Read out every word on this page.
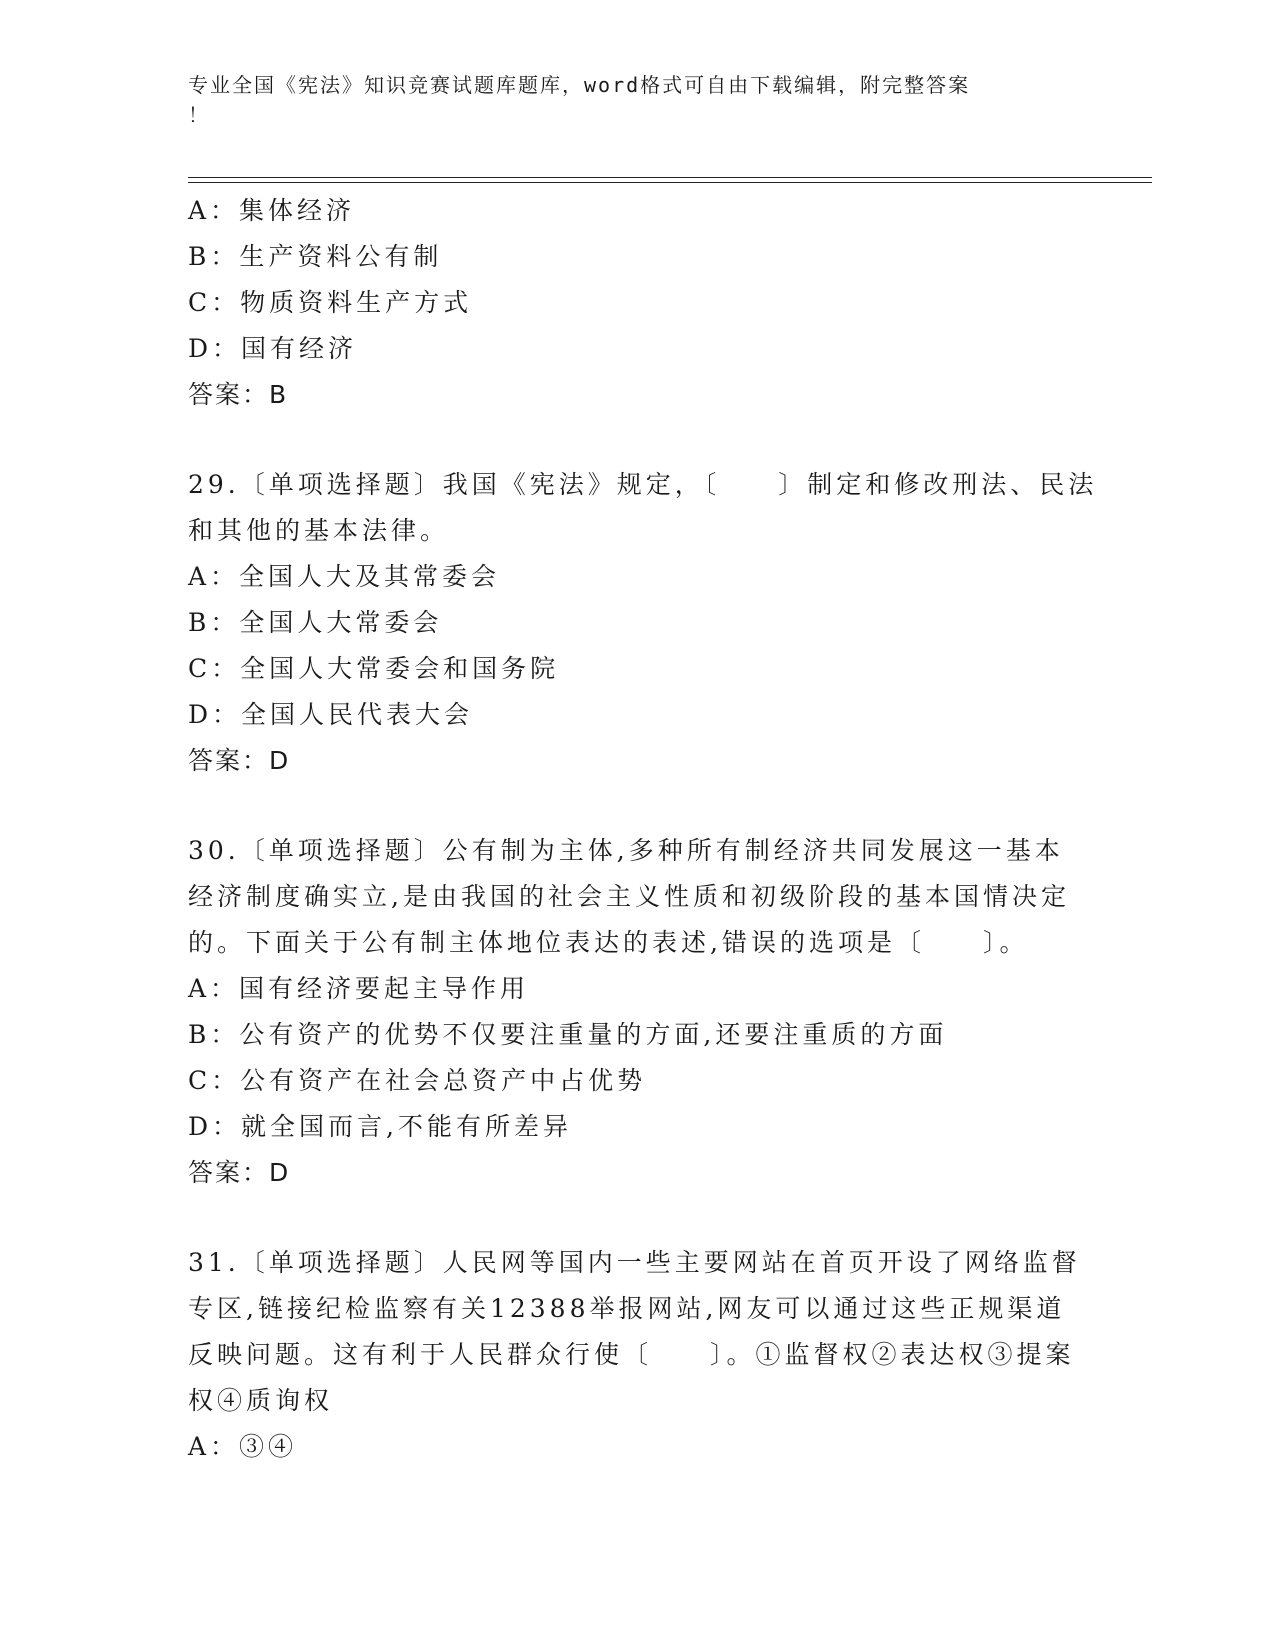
专业全国《宪法》知识竞赛试题库题库，word格式可自由下载编辑，附完整答案
！
A：集体经济
B：生产资料公有制
C：物质资料生产方式
D：国有经济
答案：B
29.〔单项选择题〕我国《宪法》规定，〔　　〕制定和修改刑法、民法
和其他的基本法律。
A：全国人大及其常委会
B：全国人大常委会
C：全国人大常委会和国务院
D：全国人民代表大会
答案：D
30.〔单项选择题〕公有制为主体,多种所有制经济共同发展这一基本
经济制度确实立,是由我国的社会主义性质和初级阶段的基本国情决定
的。下面关于公有制主体地位表达的表述,错误的选项是〔　　〕。
A：国有经济要起主导作用
B：公有资产的优势不仅要注重量的方面,还要注重质的方面
C：公有资产在社会总资产中占优势
D：就全国而言,不能有所差异
答案：D
31.〔单项选择题〕人民网等国内一些主要网站在首页开设了网络监督
专区,链接纪检监察有关12388举报网站,网友可以通过这些正规渠道
反映问题。这有利于人民群众行使〔　　〕。①监督权②表达权③提案
权④质询权
A：③④
